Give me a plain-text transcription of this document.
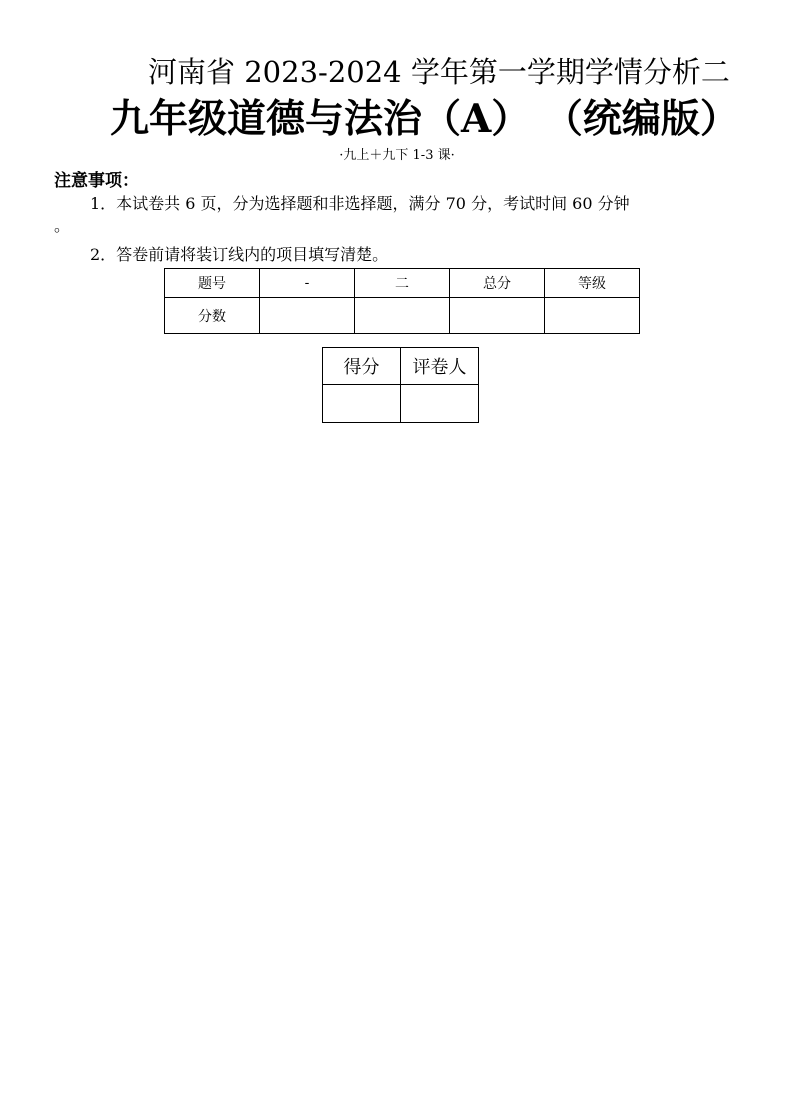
河南省 2023-2024 学年第一学期学情分析二
九年级道德与法治（A） （统编版）
·九上＋九下 1-3 课·
注意事项：
1．本试卷共 6 页，分为选择题和非选择题，满分 70 分，考试时间 60 分钟
。
2．答卷前请将装订线内的项目填写清楚。
题号	-	二	总分	等级
分数				
得分	评卷人
